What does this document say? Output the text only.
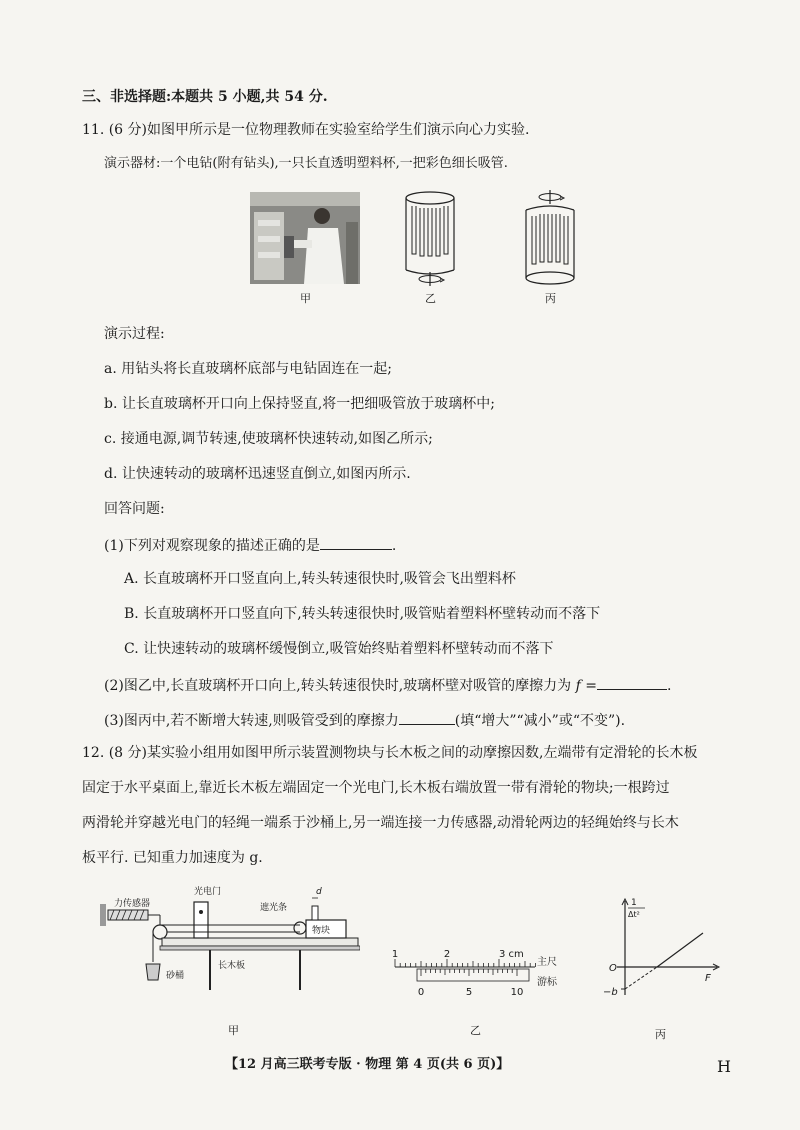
三、非选择题:本题共 5 小题,共 54 分.
11. (6 分)如图甲所示是一位物理教师在实验室给学生们演示向心力实验.
演示器材:一个电钻(附有钻头),一只长直透明塑料杯,一把彩色细长吸管.
甲	乙	丙
演示过程:
a. 用钻头将长直玻璃杯底部与电钻固连在一起;
b. 让长直玻璃杯开口向上保持竖直,将一把细吸管放于玻璃杯中;
c. 接通电源,调节转速,使玻璃杯快速转动,如图乙所示;
d. 让快速转动的玻璃杯迅速竖直倒立,如图丙所示.
回答问题:
(1)下列对观察现象的描述正确的是	.
A. 长直玻璃杯开口竖直向上,转头转速很快时,吸管会飞出塑料杯
B. 长直玻璃杯开口竖直向下,转头转速很快时,吸管贴着塑料杯壁转动而不落下
C. 让快速转动的玻璃杯缓慢倒立,吸管始终贴着塑料杯壁转动而不落下
(2)图乙中,长直玻璃杯开口向上,转头转速很快时,玻璃杯壁对吸管的摩擦力为 f =	.
(3)图丙中,若不断增大转速,则吸管受到的摩擦力	(填“增大”“减小”或“不变”).
12. (8 分)某实验小组用如图甲所示装置测物块与长木板之间的动摩擦因数,左端带有定滑轮的长木板
固定于水平桌面上,靠近长木板左端固定一个光电门,长木板右端放置一带有滑轮的物块;一根跨过
两滑轮并穿越光电门的轻绳一端系于沙桶上,另一端连接一力传感器,动滑轮两边的轻绳始终与长木
板平行. 已知重力加速度为 g.
力传感器
砂桶
长木板
光电门
物块
d
遮光条
1	2	3 cm
主尺
0	5	10
游标
1
Δt²
F
O
−b
甲	乙	丙
【12 月高三联考专版 · 物理 第 4 页(共 6 页)】	H
